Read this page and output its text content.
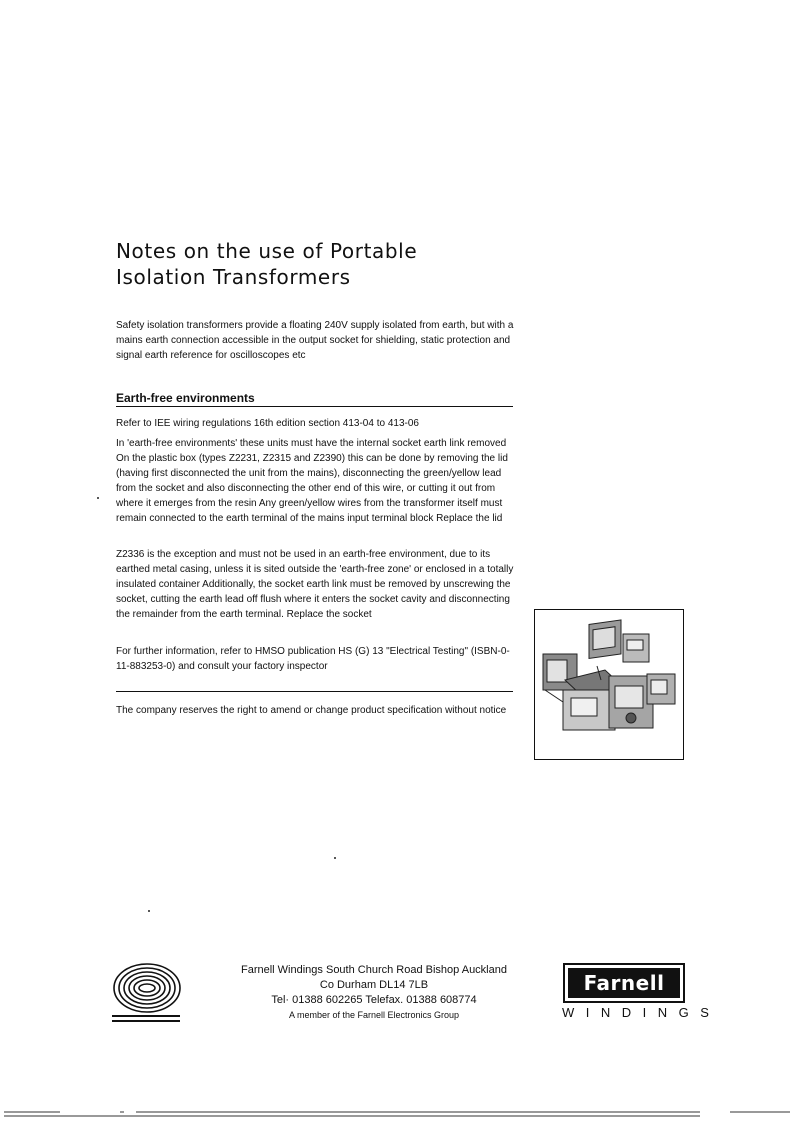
Notes on the use of Portable
Isolation Transformers

Safety isolation transformers provide a floating 240V supply isolated from earth, but with a mains earth connection accessible in the output socket for shielding, static protection and signal earth reference for oscilloscopes etc

Earth-free environments

Refer to IEE wiring regulations 16th edition section 413-04 to 413-06

In 'earth-free environments' these units must have the internal socket earth link removed On the plastic box (types Z2231, Z2315 and Z2390) this can be done by removing the lid (having first disconnected the unit from the mains), disconnecting the green/yellow lead from the socket and also disconnecting the other end of this wire, or cutting it out from where it emerges from the resin Any green/yellow wires from the transformer itself must remain connected to the earth terminal of the mains input terminal block Replace the lid

Z2336 is the exception and must not be used in an earth-free environment, due to its earthed metal casing, unless it is sited outside the 'earth-free zone' or enclosed in a totally insulated container Additionally, the socket earth link must be removed by unscrewing the socket, cutting the earth lead off flush where it enters the socket cavity and disconnecting the remainder from the earth terminal. Replace the socket

For further information, refer to HMSO publication HS (G) 13 "Electrical Testing" (ISBN-0-11-883253-0) and consult your factory inspector

The company reserves the right to amend or change product specification without notice

Farnell Windings South Church Road Bishop Auckland
Co Durham DL14 7LB
Tel· 01388 602265 Telefax. 01388 608774
A member of the Farnell Electronics Group
Farnell
WINDINGS
